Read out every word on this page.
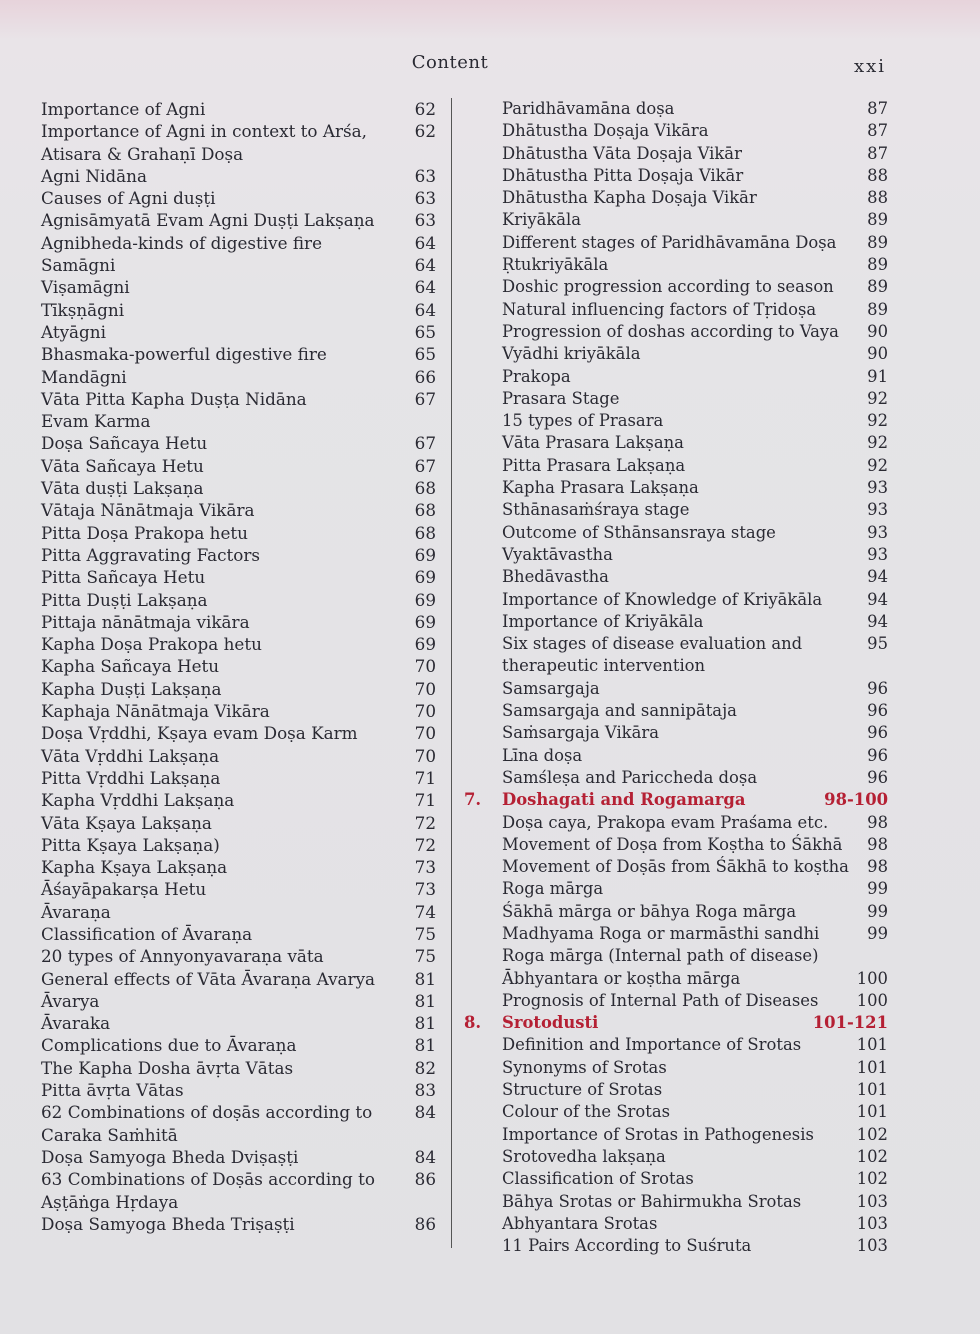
Content	xxi
Importance of Agni	62
Importance of Agni in context to Arśa,	62
Atisara & Grahaṇī Doṣa
Agni Nidāna	63
Causes of Agni duṣṭi	63
Agnisāmyatā Evam Agni Duṣṭi Lakṣaṇa 63
Agnibheda-kinds of digestive fire	64
Samāgni	64
Viṣamāgni	64
Tīkṣṇāgni	64
Atyāgni	65
Bhasmaka-powerful digestive fire	65
Mandāgni	66
Vāta Pitta Kapha Duṣṭa Nidāna	67
Evam Karma
Doṣa Sañcaya Hetu	67
Vāta Sañcaya Hetu	67
Vāta duṣṭi Lakṣaṇa	68
Vātaja Nānātmaja Vikāra	68
Pitta Doṣa Prakopa hetu	68
Pitta Aggravating Factors	69
Pitta Sañcaya Hetu	69
Pitta Duṣṭi Lakṣaṇa	69
Pittaja nānātmaja vikāra	69
Kapha Doṣa Prakopa hetu	69
Kapha Sañcaya Hetu	70
Kapha Duṣṭi Lakṣaṇa	70
Kaphaja Nānātmaja Vikāra	70
Doṣa Vṛddhi, Kṣaya evam Doṣa Karm	70
Vāta Vṛddhi Lakṣaṇa	70
Pitta Vṛddhi Lakṣaṇa	71
Kapha Vṛddhi Lakṣaṇa	71
Vāta Kṣaya Lakṣaṇa	72
Pitta Kṣaya Lakṣaṇa)	72
Kapha Kṣaya Lakṣaṇa	73
Āśayāpakarṣa Hetu	73
Āvaraṇa	74
Classification of Āvaraṇa	75
20 types of Annyonyavaraṇa vāta	75
General effects of Vāta Āvaraṇa Avarya 81
Āvarya	81
Āvaraka	81
Complications due to Āvaraṇa	81
The Kapha Dosha āvṛta Vātas	82
Pitta āvṛta Vātas	83
62 Combinations of doṣās according to	84
Caraka Saṁhitā
Doṣa Samyoga Bheda Dviṣaṣṭi	84
63 Combinations of Doṣās according to 86
Aṣṭāṅga Hṛdaya
Doṣa Samyoga Bheda Triṣaṣṭi	86
Paridhāvamāna doṣa	87
Dhātustha Doṣaja Vikāra	87
Dhātustha Vāta Doṣaja Vikār	87
Dhātustha Pitta Doṣaja Vikār	88
Dhātustha Kapha Doṣaja Vikār	88
Kriyākāla	89
Different stages of Paridhāvamāna Doṣa 89
Ṛtukriyākāla	89
Doshic progression according to season 89
Natural influencing factors of Tṛidoṣa	89
Progression of doshas according to Vaya 90
Vyādhi kriyākāla	90
Prakopa	91
Prasara Stage	92
15 types of Prasara	92
Vāta Prasara Lakṣaṇa	92
Pitta Prasara Lakṣaṇa	92
Kapha Prasara Lakṣaṇa	93
Sthānasaṁśraya stage	93
Outcome of Sthānsansraya stage	93
Vyaktāvastha	93
Bhedāvastha	94
Importance of Knowledge of Kriyākāla	94
Importance of Kriyākāla	94
Six stages of disease evaluation and	95
therapeutic intervention
Samsargaja	96
Samsargaja and sannipātaja	96
Saṁsargaja Vikāra	96
Līna doṣa	96
Samśleṣa and Pariccheda doṣa	96
7. Doshagati and Rogamarga	98-100
Doṣa caya, Prakopa evam Praśama etc. 98
Movement of Doṣa from Koṣtha to Śākhā 98
Movement of Doṣās from Śākhā to koṣtha 98
Roga mārga	99
Śākhā mārga or bāhya Roga mārga	99
Madhyama Roga or marmāsthi sandhi	99
Roga mārga (Internal path of disease)
Ābhyantara or koṣtha mārga	100
Prognosis of Internal Path of Diseases 100
8. Srotodusti	101-121
Definition and Importance of Srotas	101
Synonyms of Srotas	101
Structure of Srotas	101
Colour of the Srotas	101
Importance of Srotas in Pathogenesis	102
Srotovedha lakṣaṇa	102
Classification of Srotas	102
Bāhya Srotas or Bahirmukha Srotas	103
Abhyantara Srotas	103
11 Pairs According to Suśruta	103
